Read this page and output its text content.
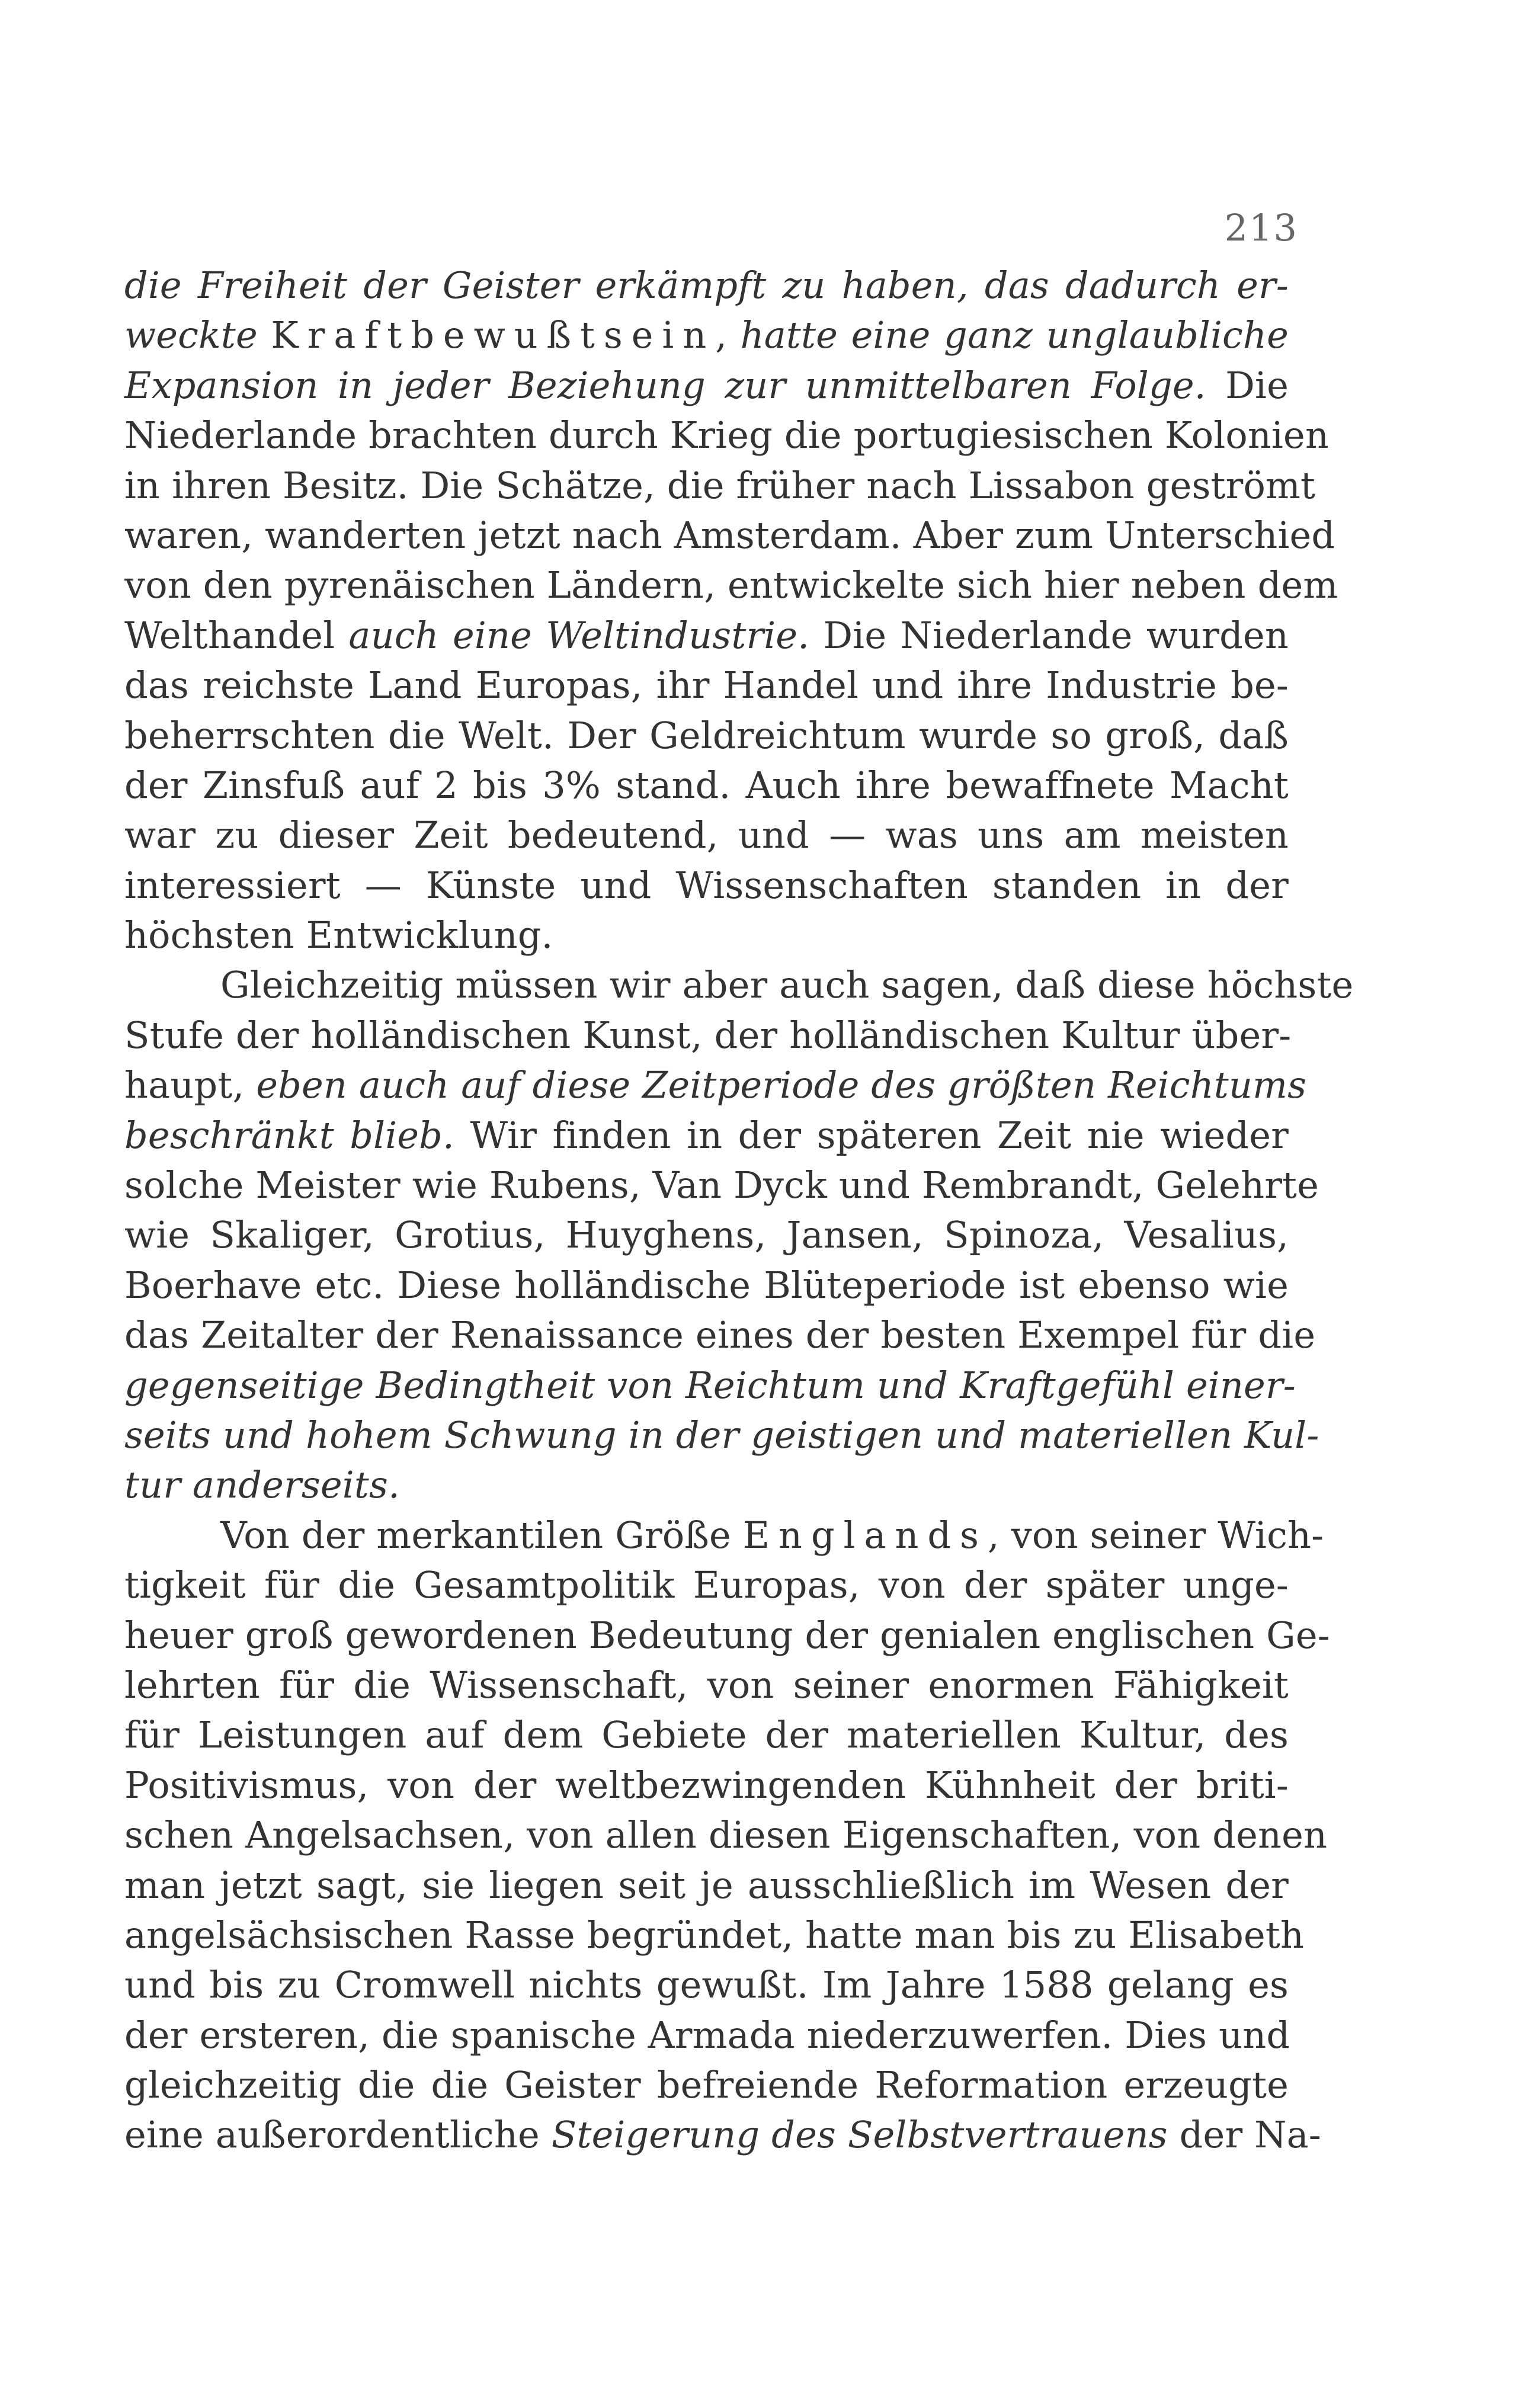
213
die Freiheit der Geister erkämpft zu haben, das dadurch er-
weckte Kraftbewußtsein, hatte eine ganz unglaubliche
Expansion in jeder Beziehung zur unmittelbaren Folge. Die
Niederlande brachten durch Krieg die portugiesischen Kolonien
in ihren Besitz. Die Schätze, die früher nach Lissabon geströmt
waren, wanderten jetzt nach Amsterdam. Aber zum Unterschied
von den pyrenäischen Ländern, entwickelte sich hier neben dem
Welthandel auch eine Weltindustrie. Die Niederlande wurden
das reichste Land Europas, ihr Handel und ihre Industrie be-
beherrschten die Welt. Der Geldreichtum wurde so groß, daß
der Zinsfuß auf 2 bis 3% stand. Auch ihre bewaffnete Macht
war zu dieser Zeit bedeutend, und — was uns am meisten
interessiert — Künste und Wissenschaften standen in der
höchsten Entwicklung.
Gleichzeitig müssen wir aber auch sagen, daß diese höchste
Stufe der holländischen Kunst, der holländischen Kultur über-
haupt, eben auch auf diese Zeitperiode des größten Reichtums
beschränkt blieb. Wir finden in der späteren Zeit nie wieder
solche Meister wie Rubens, Van Dyck und Rembrandt, Gelehrte
wie Skaliger, Grotius, Huyghens, Jansen, Spinoza, Vesalius,
Boerhave etc. Diese holländische Blüteperiode ist ebenso wie
das Zeitalter der Renaissance eines der besten Exempel für die
gegenseitige Bedingtheit von Reichtum und Kraftgefühl einer-
seits und hohem Schwung in der geistigen und materiellen Kul-
tur anderseits.
Von der merkantilen Größe Englands, von seiner Wich-
tigkeit für die Gesamtpolitik Europas, von der später unge-
heuer groß gewordenen Bedeutung der genialen englischen Ge-
lehrten für die Wissenschaft, von seiner enormen Fähigkeit
für Leistungen auf dem Gebiete der materiellen Kultur, des
Positivismus, von der weltbezwingenden Kühnheit der briti-
schen Angelsachsen, von allen diesen Eigenschaften, von denen
man jetzt sagt, sie liegen seit je ausschließlich im Wesen der
angelsächsischen Rasse begründet, hatte man bis zu Elisabeth
und bis zu Cromwell nichts gewußt. Im Jahre 1588 gelang es
der ersteren, die spanische Armada niederzuwerfen. Dies und
gleichzeitig die die Geister befreiende Reformation erzeugte
eine außerordentliche Steigerung des Selbstvertrauens der Na-
